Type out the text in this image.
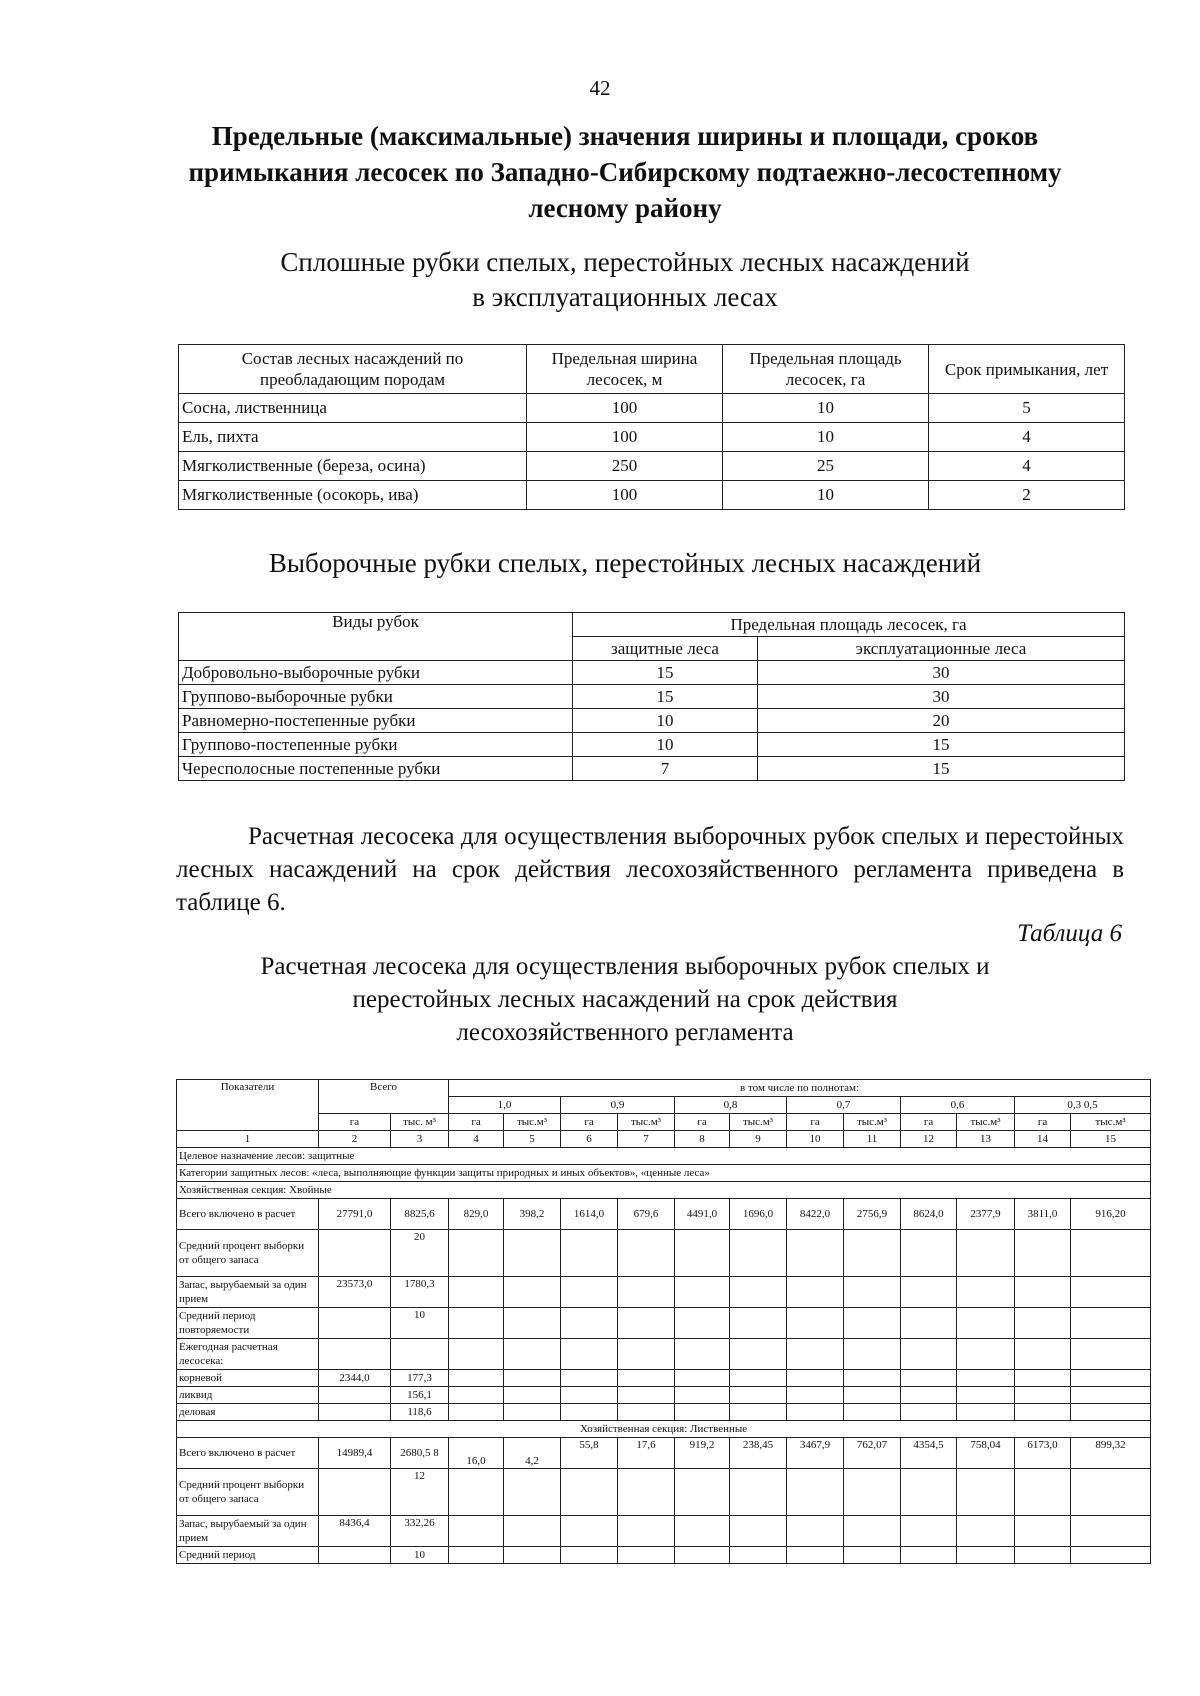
42
Предельные (максимальные) значения ширины и площади, сроков
примыкания лесосек по Западно-Сибирскому подтаежно-лесостепному
лесному району
Сплошные рубки спелых, перестойных лесных насаждений
в эксплуатационных лесах
Состав лесных насаждений по преобладающим породам	Предельная ширина лесосек, м	Предельная площадь лесосек, га	Срок примыкания, лет
Сосна, лиственница	100	10	5
Ель, пихта	100	10	4
Мягколиственные (береза, осина)	250	25	4
Мягколиственные (осокорь, ива)	100	10	2
Выборочные рубки спелых, перестойных лесных насаждений
Виды рубок	Предельная площадь лесосек, га	
	защитные леса	эксплуатационные леса
Добровольно-выборочные рубки	15	30
Группово-выборочные рубки	15	30
Равномерно-постепенные рубки	10	20
Группово-постепенные рубки	10	15
Чересполосные постепенные рубки	7	15
Расчетная лесосека для осуществления выборочных рубок спелых и перестойных лесных насаждений на срок действия лесохозяйственного регламента приведена в таблице 6.
Таблица 6
Расчетная лесосека для осуществления выборочных рубок спелых и
перестойных лесных насаждений на срок действия
лесохозяйственного регламента
Показатели	Всего		в том числе по полнотам:											
			1,0		0,9		0,8		0,7		0,6		0,3 0,5	
	га	тыс. м³	га	тыс.м³	га	тыс.м³	га	тыс.м³	га	тыс.м³	га	тыс.м³	га	тыс.м³
1	2	3	4	5	6	7	8	9	10	11	12	13	14	15
Целевое назначение лесов: защитные														
Категории защитных лесов: «леса, выполняющие функции защиты природных и иных объектов», «ценные леса»														
Хозяйственная секция: Хвойные														
Всего включено в расчет	27791,0	8825,6	829,0	398,2	1614,0	679,6	4491,0	1696,0	8422,0	2756,9	8624,0	2377,9	3811,0	916,20
Средний процент выборки от общего запаса		20												
Запас, вырубаемый за один прием	23573,0	1780,3												
Средний период повторяемости		10												
Ежегодная расчетная лесосека:														
корневой	2344,0	177,3												
ликвид		156,1												
деловая		118,6												
Хозяйственная секция: Лиственные														
Всего включено в расчет	14989,4	2680,5 8	16,0	4,2	55,8	17,6	919,2	238,45	3467,9	762,07	4354,5	758,04	6173,0	899,32
Средний процент выборки от общего запаса		12												
Запас, вырубаемый за один прием	8436,4	332,26												
Средний период		10												
